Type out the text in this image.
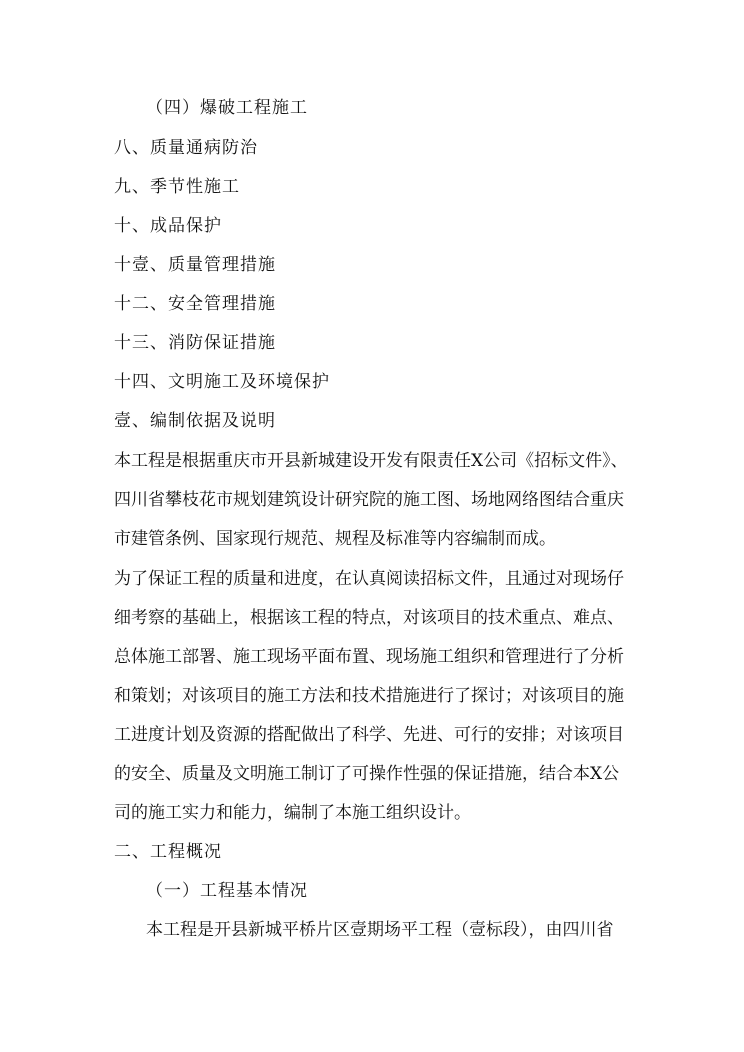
（四）爆破工程施工
八、质量通病防治
九、季节性施工
十、成品保护
十壹、质量管理措施
十二、安全管理措施
十三、消防保证措施
十四、文明施工及环境保护
壹、编制依据及说明
本工程是根据重庆市开县新城建设开发有限责任X公司《招标文件》、
四川省攀枝花市规划建筑设计研究院的施工图、场地网络图结合重庆
市建管条例、国家现行规范、规程及标准等内容编制而成。
为了保证工程的质量和进度，在认真阅读招标文件，且通过对现场仔
细考察的基础上，根据该工程的特点，对该项目的技术重点、难点、
总体施工部署、施工现场平面布置、现场施工组织和管理进行了分析
和策划；对该项目的施工方法和技术措施进行了探讨；对该项目的施
工进度计划及资源的搭配做出了科学、先进、可行的安排；对该项目
的安全、质量及文明施工制订了可操作性强的保证措施，结合本X公
司的施工实力和能力，编制了本施工组织设计。
二、工程概况
（一）工程基本情况
本工程是开县新城平桥片区壹期场平工程（壹标段），由四川省
